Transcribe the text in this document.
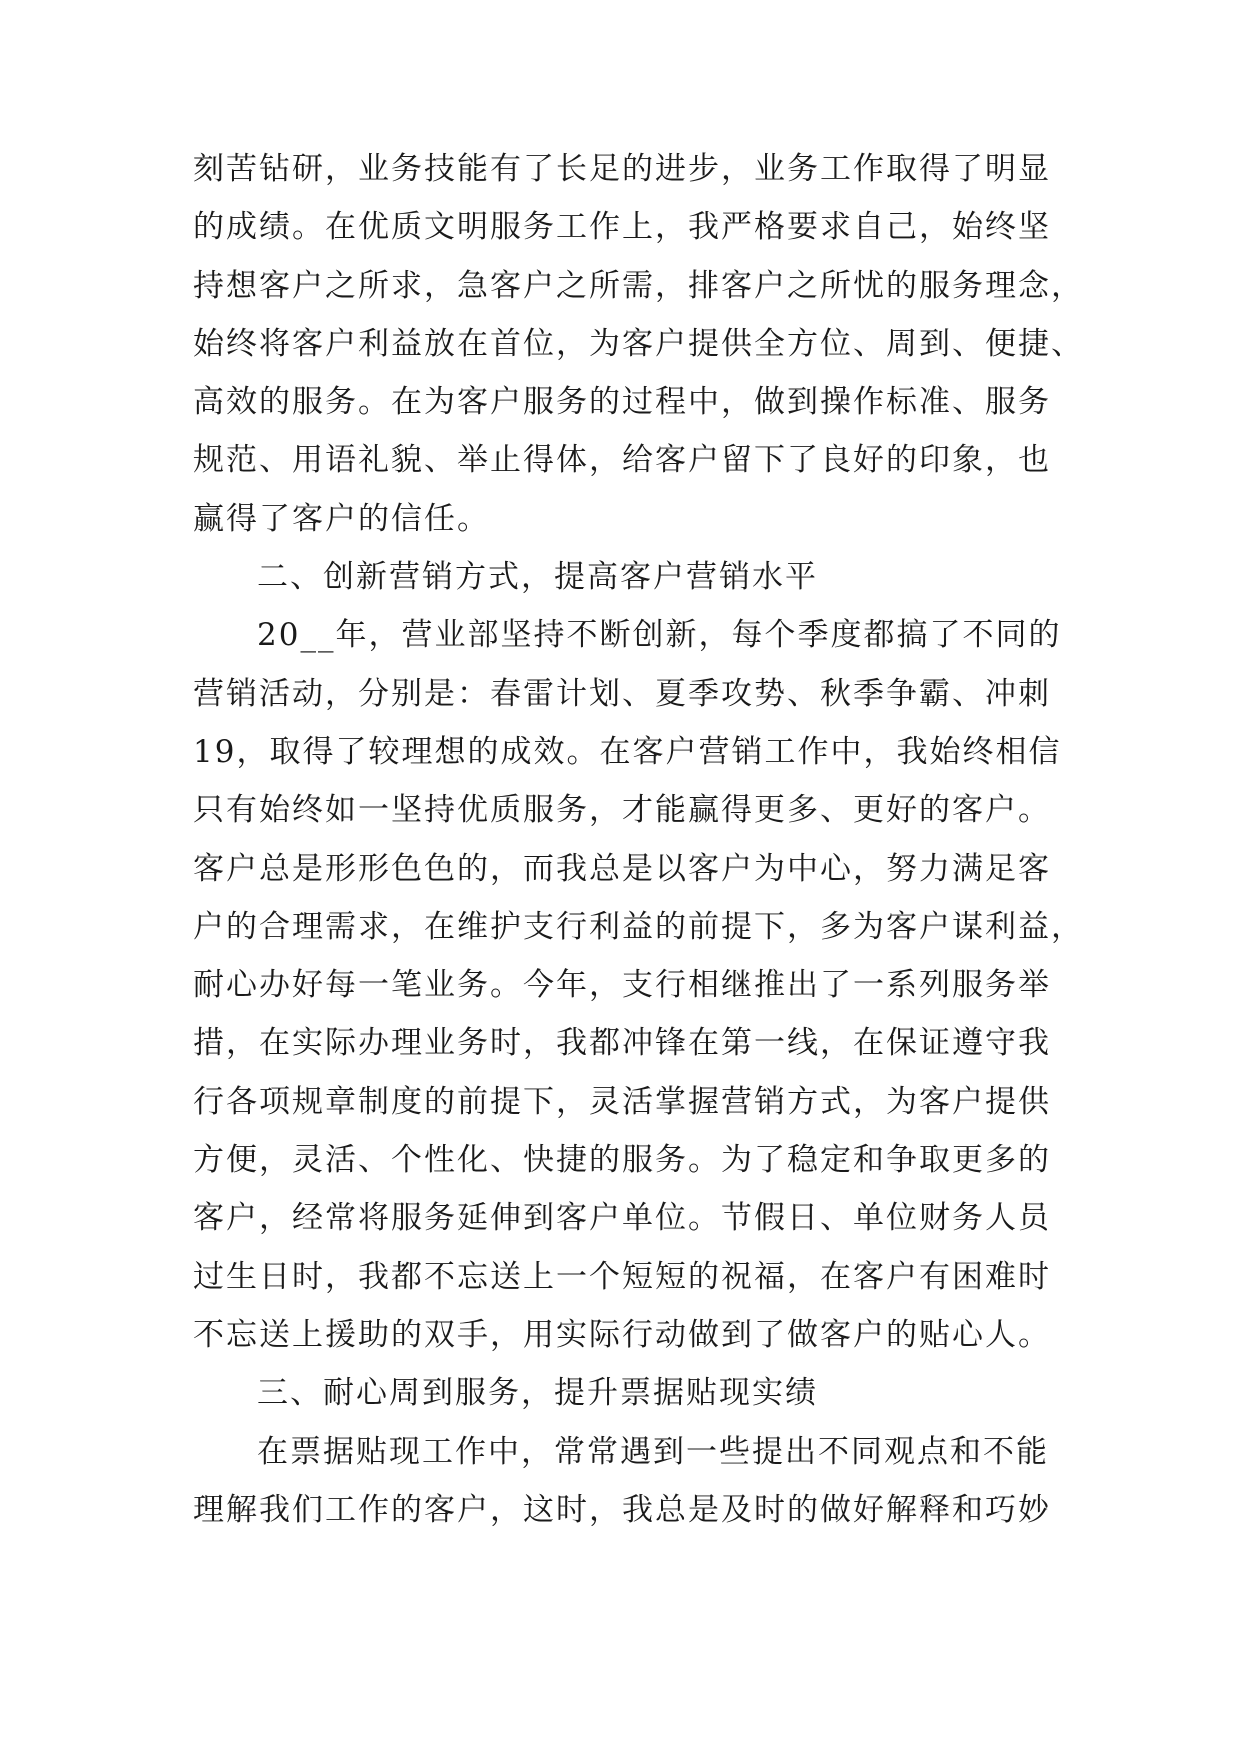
刻苦钻研，业务技能有了长足的进步，业务工作取得了明显
的成绩。在优质文明服务工作上，我严格要求自己，始终坚
持想客户之所求，急客户之所需，排客户之所忧的服务理念，
始终将客户利益放在首位，为客户提供全方位、周到、便捷、
高效的服务。在为客户服务的过程中，做到操作标准、服务
规范、用语礼貌、举止得体，给客户留下了良好的印象，也
赢得了客户的信任。
二、创新营销方式，提高客户营销水平
20__年，营业部坚持不断创新，每个季度都搞了不同的
营销活动，分别是：春雷计划、夏季攻势、秋季争霸、冲刺
19，取得了较理想的成效。在客户营销工作中，我始终相信
只有始终如一坚持优质服务，才能赢得更多、更好的客户。
客户总是形形色色的，而我总是以客户为中心，努力满足客
户的合理需求，在维护支行利益的前提下，多为客户谋利益，
耐心办好每一笔业务。今年，支行相继推出了一系列服务举
措，在实际办理业务时，我都冲锋在第一线，在保证遵守我
行各项规章制度的前提下，灵活掌握营销方式，为客户提供
方便，灵活、个性化、快捷的服务。为了稳定和争取更多的
客户，经常将服务延伸到客户单位。节假日、单位财务人员
过生日时，我都不忘送上一个短短的祝福，在客户有困难时
不忘送上援助的双手，用实际行动做到了做客户的贴心人。
三、耐心周到服务，提升票据贴现实绩
在票据贴现工作中，常常遇到一些提出不同观点和不能
理解我们工作的客户，这时，我总是及时的做好解释和巧妙
